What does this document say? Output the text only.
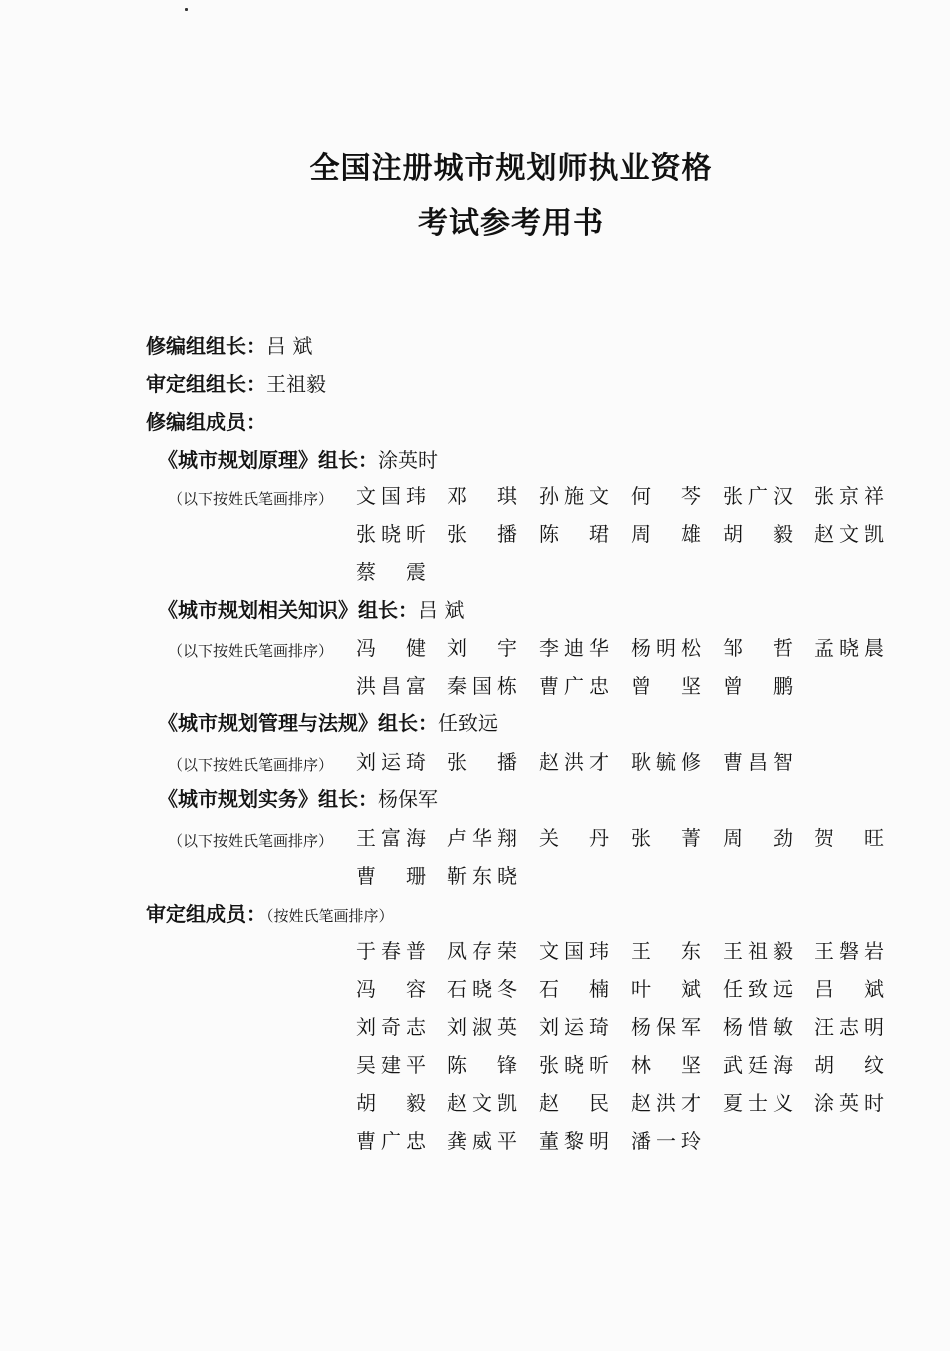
全国注册城市规划师执业资格
考试参考用书
修编组组长：吕 斌
审定组组长：王祖毅
修编组成员：
《城市规划原理》组长：涂英时
（以下按姓氏笔画排序） 文 国 玮 邓 琪 孙 施 文 何 芩 张 广 汉 张 京 祥
张 晓 昕 张 播 陈 珺 周 雄 胡 毅 赵 文 凯
蔡 震
《城市规划相关知识》组长：吕 斌
（以下按姓氏笔画排序） 冯 健 刘 宇 李 迪 华 杨 明 松 邹 哲 孟 晓 晨
洪 昌 富 秦 国 栋 曹 广 忠 曾 坚 曾 鹏
《城市规划管理与法规》组长：任致远
（以下按姓氏笔画排序） 刘 运 琦 张 播 赵 洪 才 耿 毓 修 曹 昌 智
《城市规划实务》组长：杨保军
（以下按姓氏笔画排序） 王 富 海 卢 华 翔 关 丹 张 菁 周 劲 贺 旺
曹 珊 靳 东 晓
审定组成员：（按姓氏笔画排序）
于 春 普 凤 存 荣 文 国 玮 王 东 王 祖 毅 王 磐 岩
冯 容 石 晓 冬 石 楠 叶 斌 任 致 远 吕 斌
刘 奇 志 刘 淑 英 刘 运 琦 杨 保 军 杨 惜 敏 汪 志 明
吴 建 平 陈 锋 张 晓 昕 林 坚 武 廷 海 胡 纹
胡 毅 赵 文 凯 赵 民 赵 洪 才 夏 士 义 涂 英 时
曹 广 忠 龚 威 平 董 黎 明 潘 一 玲
